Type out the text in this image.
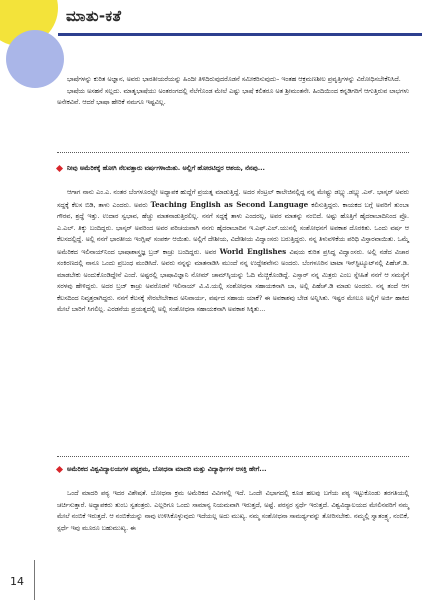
ಮಾತು-ಕತೆ

ಭಾಷೆಗಳನ್ನು ಕುರಿತ ಅಜ್ಞಾನ, ಅವರು ಭಾರತೀಯರೆಯನ್ನು ಹಿಂದೀ ತಿಳಿದಿರುವುದರೊಡನೆ ಸಮೀಕರಿಸುವುದು– ಇಂತಹ ಆಕ್ರಮಣಶೀಲ ಪ್ರವೃತ್ತಿಗಳನ್ನು ವಿರೋಧಿಸಬೇಕೆನಿಸಿದೆ.

ಭಾಷೆಯ ಅಸಹನೆ ಸಲ್ಲದು. ಮಾತೃಭಾಷೆಯು ಅಂತರಂಗದಲ್ಲಿ ನೆಲೆಗೊಂಡ ಮೇಲೆ ಎಷ್ಟು ಭಾಷೆ ಕಲಿತರೂ ಅತ ಶ್ರೀಮಂತನೇ. ಹಿಂದಿಯಿಂದ ಕನ್ನಡಿಗರಿಗೆ ಆಗುತ್ತಿರುವ ಲಾಭಗಳು ಅನೇಕವಿವೆ. ಆದರೆ ಭಾಷಾ ಹೇರಿಕೆ ನಮಗೂ ಇಷ್ಟವಿಲ್ಲ.

ನೀವು ಅಮೆರಿಕಕ್ಕೆ ಹೋಗಿ ನೆಲವತ್ತಾರು ವರ್ಷಗಳಾಯಿತು. ಅಲ್ಲಿಗೆ ಹೋರಟಿದ್ದರ ಆಶಯ, ನೆನಪು...

ಆಗಾಗ ನಾನು ಎಂ.ಎ. ನಂತರ ಬೆಂಗಳೂರಲ್ಲೇ ಅಧ್ಯಾಪಕ ಹುದ್ದೆಗೆ ಪ್ರಯತ್ನ ಮಾಡುತ್ತಿದ್ದೆ. ಅದರ ಸೆಂಟ್ರಲ್ ಕಾಲೇಜಿನಲ್ಲಿದ್ದ ನನ್ನ ಮೇಷ್ಟ್ರು ಡಬ್ಲ್ಯು.ಡಬ್ಲ್ಯು.ಎಸ್. ಭಾಸ್ಕರ್ ಅವರು ಸದ್ದಕ್ಕೆ ಕೆಲಸ ಬಿಡಿ, ತಾಳು ಎಂದರು. ಅವರು Teaching English as Second Language ಕಲಿಸುತ್ತಿದ್ದರು. ಕಾಯಕದ ಬಗ್ಗೆ ಅವರಿಗೆ ತುಂಬಾ ಗೌರವ, ಶ್ರದ್ಧೆ ಇತ್ತು. ಉದಾರ ಸ್ವಭಾವ, ಹೆಚ್ಚು ಮಾತನಾಡುತ್ತಿರಲಿಲ್ಲ. ನನಗೆ ಸದ್ದಕ್ಕೆ ತಾಳು ಎಂದರಲ್ಲ, ಅವರ ಮಾತನ್ನು ನಂಬಿದೆ. ಅಷ್ಟು ಹೊತ್ತಿಗೆ ಹೈದರಾಬಾದಿನಿಂದ ಪ್ರೊ. ಎ.ಎಲ್. ತಿಕ್ಕು ಬಂದಿದ್ದರು. ಭಾಸ್ಕರ್ ಅವರಿಂದ ಅವರ ಪರಿಚಯವಾಗಿ ನನಗು ಹೈದರಾಬಾದಿನ ಇ.ಎಫ್.ಎಲ್.ಯುನಲ್ಲಿ ಸಂಶೋಧನಗೆ ಅವಕಾಶ ದೊರಕಿತು. ಒಂದು ವರ್ಷ ಆ ಕೆಲಸದಲ್ಲಿದ್ದೆ. ಅಲ್ಲಿ ನನಗೆ ಭಾರತೀಯ ಇಂಗ್ಲಿಷ್ ಸಂಪರ್ಕ ಆಯಿತು. ಅಲ್ಲಿಗೆ ದೇಶೀಯ, ವಿದೇಶೀಯ ವಿದ್ವಾಂಸರು ಬರುತ್ತಿದ್ದರು. ನನ್ನ ತಿಳುವಳಿಕೆಯ ಪರಿಧಿ ವಿಸ್ತಾರವಾಯಿತು. ಒಮ್ಮೆ ಅಮೆರಿಕದ ಇಲಿನಾಯ್‌ನಿಂದ ಭಾಷಾಶಾಸ್ತ್ರಜ್ಞ ಬ್ರಜ್ ಕಾಚ್ರು ಬಂದಿದ್ದರು. ಅವರ World Englishes ವಿಷಯ ಕುರಿತ ಪ್ರಸಿದ್ಧ ವಿದ್ವಾಂಸರು. ಅಲ್ಲಿ ನಡೆದ ವಿಚಾರ ಸಂಕಿರಣದಲ್ಲಿ ನಾನೂ ಒಂದು ಪ್ರಬಂಧ ಮಂಡಿಸಿದೆ. ಅವರು ನನ್ನನ್ನು ಮಾತನಾಡಿಸಿ ಮುಂದೆ ನನ್ನ ಉದ್ದೇಶವೇನು ಅಂದರು. ಬೆಂಗಳೂರಿನ ಟಾಟಾ ಇನ್‌ಸ್ಟಿಟ್ಯೂಟ್‌ನಲ್ಲಿ ಪಿಹೆಚ್.ಡಿ. ಮಾಡಬೇಕು ಅಂದುಕೊಂಡಿದ್ದೇನೆ ಎಂದೆ. ಅಷ್ಟರಲ್ಲಿ ಭಾಷಾವಿಜ್ಞಾನಿ ನೋಮ್ ಚಾಮ್‌ಸ್ಕಿಯನ್ನು ಓದಿ ಮೆಚ್ಚಿಕೊಂಡಿದ್ದೆ. ಎಸ್ಸಾರ್ ನನ್ನ ಮಿತ್ರರು ಎಂಬ ಸ್ನೇಹಿತೆ ನನಗೆ ಆ ಸಮಸ್ಯೆಗೆ ಸರಳವು ಹೇಳಿದ್ದರು. ಅದರ ಬ್ರಜ್ ಕಾಚ್ರು ಅವರೊಡನೆ ಇಲಿನಾಯ್ ವಿ.ವಿ.ಯಲ್ಲಿ ಸಂಶೋಧನಾ ಸಹಾಯಕನಾಗಿ ಬಾ, ಅಲ್ಲಿ ಪಿಹೆಚ್.ಡಿ ಮಾಡು ಅಂದರು. ನನ್ನ ತಂದೆ ಆಗ ಕೆಲಸದಿಂದ ನಿವೃತ್ತರಾಗಿದ್ದರು. ನನಗೆ ಕೆಲಸಕ್ಕೆ ಸೇರಲೇಬೇಕಾದ ಅನಿವಾರ್ಯ, ವರ್ಷದ ಸಹಾಯ ಯಾಕೆ? ಈ ಅವಕಾಶವು ಬೇಡ ಅನ್ನಿಸಿತು. ಇಷ್ಟರ ಮೇಲೂ ಅಲ್ಲಿಗೆ ಅರ್ಜಿ ಹಾಕಿದ ಮೇಲೆ ಬಾರಿಗೆ ಸಿಗಲಿಲ್ಲ. ಎರಡನೆಯ ಪ್ರಯತ್ನದಲ್ಲಿ ಅಲ್ಲಿ ಸಂಶೋಧನಾ ಸಹಾಯಕನಾಗಿ ಅವಕಾಶ ಸಿಕ್ಕಿತು...

ಅಮೆರಿಕದ ವಿಶ್ವವಿದ್ಯಾಲಯಗಳ ಪಠ್ಯಕ್ರಮ, ಬೋಧನಾ ಮಾದರಿ ಮತ್ತು ವಿದ್ಯಾರ್ಥಿಗಳ ಆಸಕ್ತಿ ಹೇಗೆ...

ಒಂದೆ ಮಾದರಿ ಪಠ್ಯ ಇದರ ವಿಶೇಷತೆ. ಬೋಧನಾ ಕ್ರಮ ಅಮೆರಿಕದ ವಿವಿಗಳಲ್ಲಿ ಇದೆ. ಒಂದೇ ವಿಭಾಗದಲ್ಲಿ ಕೂಡ ಹಲವು ಬಗೆಯ ಪಠ್ಯ ಇಟ್ಟುಕೊಂಡು ತರಗತಿಯಲ್ಲಿ ಚರ್ಚಿಸುತ್ತಾರೆ. ಅಧ್ಯಾಪಕರು ತುಂಬ ಸ್ವತಂತ್ರರು. ಎಲ್ಲರಿಗೂ ಒಂದು ಸಾಮಾನ್ಯ ನಿಯಮವಾಗಿ ಇರುತ್ತದೆ, ಅಷ್ಟೆ. ಪರಸ್ಪರ ಸ್ಪರ್ಧೆ ಇರುತ್ತದೆ. ವಿಶ್ವವಿದ್ಯಾಲಯದ ಮೇಲಿನವರಿಗೆ ನಮ್ಮ ಮೇಲೆ ನಂಬಿಕೆ ಇರುತ್ತದೆ. ಆ ನಂಬಿಕೆಯನ್ನು ನಾವು ಉಳಿಸಿಕೊಳ್ಳುವುದು ಇದೆಯಲ್ಲ ಅದು ಮುಖ್ಯ. ನಮ್ಮ ಸಂಶೋಧನಾ ಸಾಮರ್ಥ್ಯವನ್ನು ತೋರಿಸಬೇಕು. ನಮ್ಮಲ್ಲಿ ಸ್ವಾತಂತ್ರ್ಯ, ನಂಬಿಕೆ, ಸ್ಪರ್ಧೆ ಇವು ಮೂರೂ ಬಹುಮುಖ್ಯ. ಈ

14
